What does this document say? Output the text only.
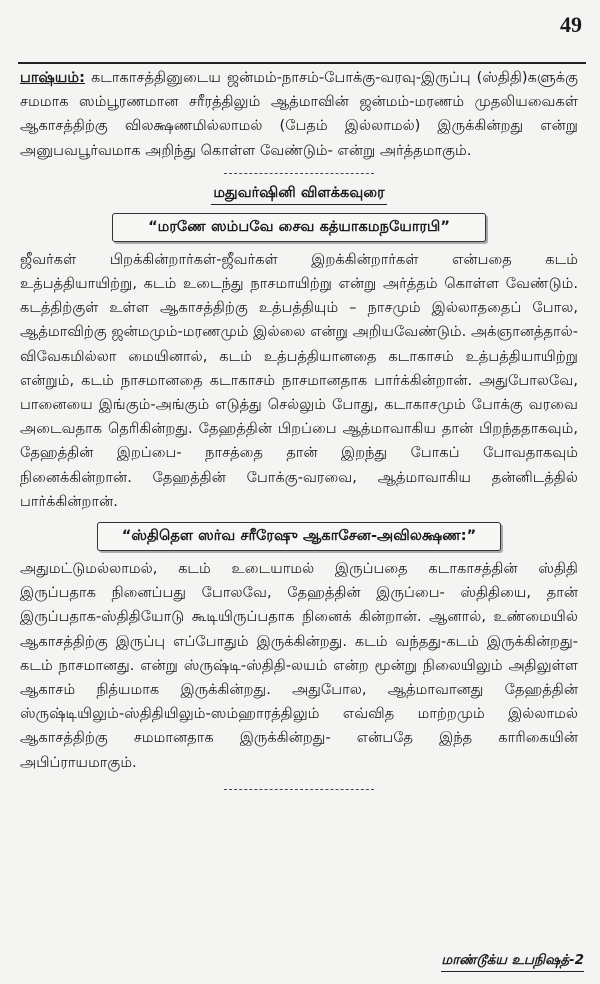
49

பாஷ்யம்: கடாகாசத்தினுடைய ஜன்மம்-நாசம்-போக்கு-வரவு-இருப்பு (ஸ்திதி)களுக்கு சமமாக ஸம்பூரணமான சரீரத்திலும் ஆத்மாவின் ஜன்மம்-மரணம் முதலியவைகள் ஆகாசத்திற்கு விலக்ஷணமில்லாமல் (பேதம் இல்லாமல்) இருக்கின்றது என்று அனுபவபூர்வமாக அறிந்து கொள்ள வேண்டும்- என்று அர்த்தமாகும்.

மதுவர்ஷினி விளக்கவுரை
“மரணே ஸம்பவே சைவ கத்யாகமநயோரபி”

ஜீவர்கள் பிறக்கின்றார்கள்-ஜீவர்கள் இறக்கின்றார்கள் என்பதை கடம் உத்பத்தியாயிற்று, கடம் உடைந்து நாசமாயிற்று என்று அர்த்தம் கொள்ள வேண்டும். கடத்திற்குள் உள்ள ஆகாசத்திற்கு உத்பத்தியும் – நாசமும் இல்லாததைப் போல, ஆத்மாவிற்கு ஜன்மமும்-மரணமும் இல்லை என்று அறியவேண்டும். அக்ஞானத்தால்-விவேகமில்லா மையினால், கடம் உத்பத்தியானதை கடாகாசம் உத்பத்தியாயிற்று என்றும், கடம் நாசமானதை கடாகாசம் நாசமானதாக பார்க்கின்றான். அதுபோலவே, பானையை இங்கும்-அங்கும் எடுத்து செல்லும் போது, கடாகாசமும் போக்கு வரவை அடைவதாக தெரிகின்றது. தேஹத்தின் பிறப்பை ஆத்மாவாகிய தான் பிறந்ததாகவும், தேஹத்தின் இறப்பை- நாசத்தை தான் இறந்து போகப் போவதாகவும் நினைக்கின்றான். தேஹத்தின் போக்கு-வரவை, ஆத்மாவாகிய தன்னிடத்தில் பார்க்கின்றான்.

“ஸ்திதௌ ஸர்வ சரீரேஷு ஆகாசேன-அவிலக்ஷண:”

அதுமட்டுமல்லாமல், கடம் உடையாமல் இருப்பதை கடாகாசத்தின் ஸ்திதி இருப்பதாக நினைப்பது போலவே, தேஹத்தின் இருப்பை- ஸ்திதியை, தான் இருப்பதாக-ஸ்திதியோடு கூடியிருப்பதாக நினைக் கின்றான். ஆனால், உண்மையில் ஆகாசத்திற்கு இருப்பு எப்போதும் இருக்கின்றது. கடம் வந்தது-கடம் இருக்கின்றது-கடம் நாசமானது. என்று ஸ்ருஷ்டி-ஸ்திதி-லயம் என்ற மூன்று நிலையிலும் அதிலுள்ள ஆகாசம் நித்யமாக இருக்கின்றது. அதுபோல, ஆத்மாவானது தேஹத்தின் ஸ்ருஷ்டியிலும்-ஸ்திதியிலும்-ஸம்ஹாரத்திலும் எவ்வித மாற்றமும் இல்லாமல் ஆகாசத்திற்கு சமமானதாக இருக்கின்றது- என்பதே இந்த காரிகையின் அபிப்ராயமாகும்.

மாண்டூக்ய உபநிஷத்-2
